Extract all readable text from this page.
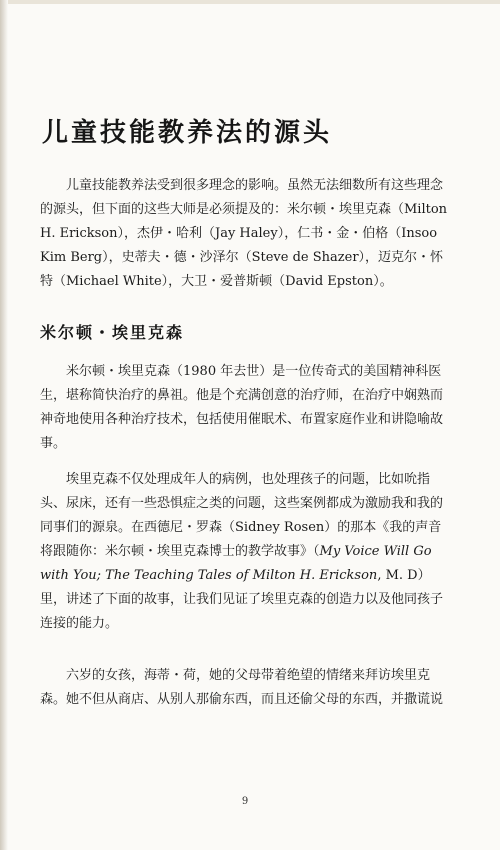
儿童技能教养法的源头

儿童技能教养法受到很多理念的影响。虽然无法细数所有这些理念的源头，但下面的这些大师是必须提及的：米尔顿・埃里克森（Milton H. Erickson），杰伊・哈利（Jay Haley），仁书・金・伯格（Insoo Kim Berg），史蒂夫・德・沙泽尔（Steve de Shazer），迈克尔・怀特（Michael White），大卫・爱普斯顿（David Epston）。

米尔顿・埃里克森

米尔顿・埃里克森（1980 年去世）是一位传奇式的美国精神科医生，堪称简快治疗的鼻祖。他是个充满创意的治疗师，在治疗中娴熟而神奇地使用各种治疗技术，包括使用催眠术、布置家庭作业和讲隐喻故事。

埃里克森不仅处理成年人的病例，也处理孩子的问题，比如吮指头、尿床，还有一些恐惧症之类的问题，这些案例都成为激励我和我的同事们的源泉。在西德尼・罗森（Sidney Rosen）的那本《我的声音将跟随你：米尔顿・埃里克森博士的教学故事》（My Voice Will Go with You; The Teaching Tales of Milton H. Erickson, M. D）里，讲述了下面的故事，让我们见证了埃里克森的创造力以及他同孩子连接的能力。

六岁的女孩，海蒂・荷，她的父母带着绝望的情绪来拜访埃里克森。她不但从商店、从别人那偷东西，而且还偷父母的东西，并撒谎说

9
